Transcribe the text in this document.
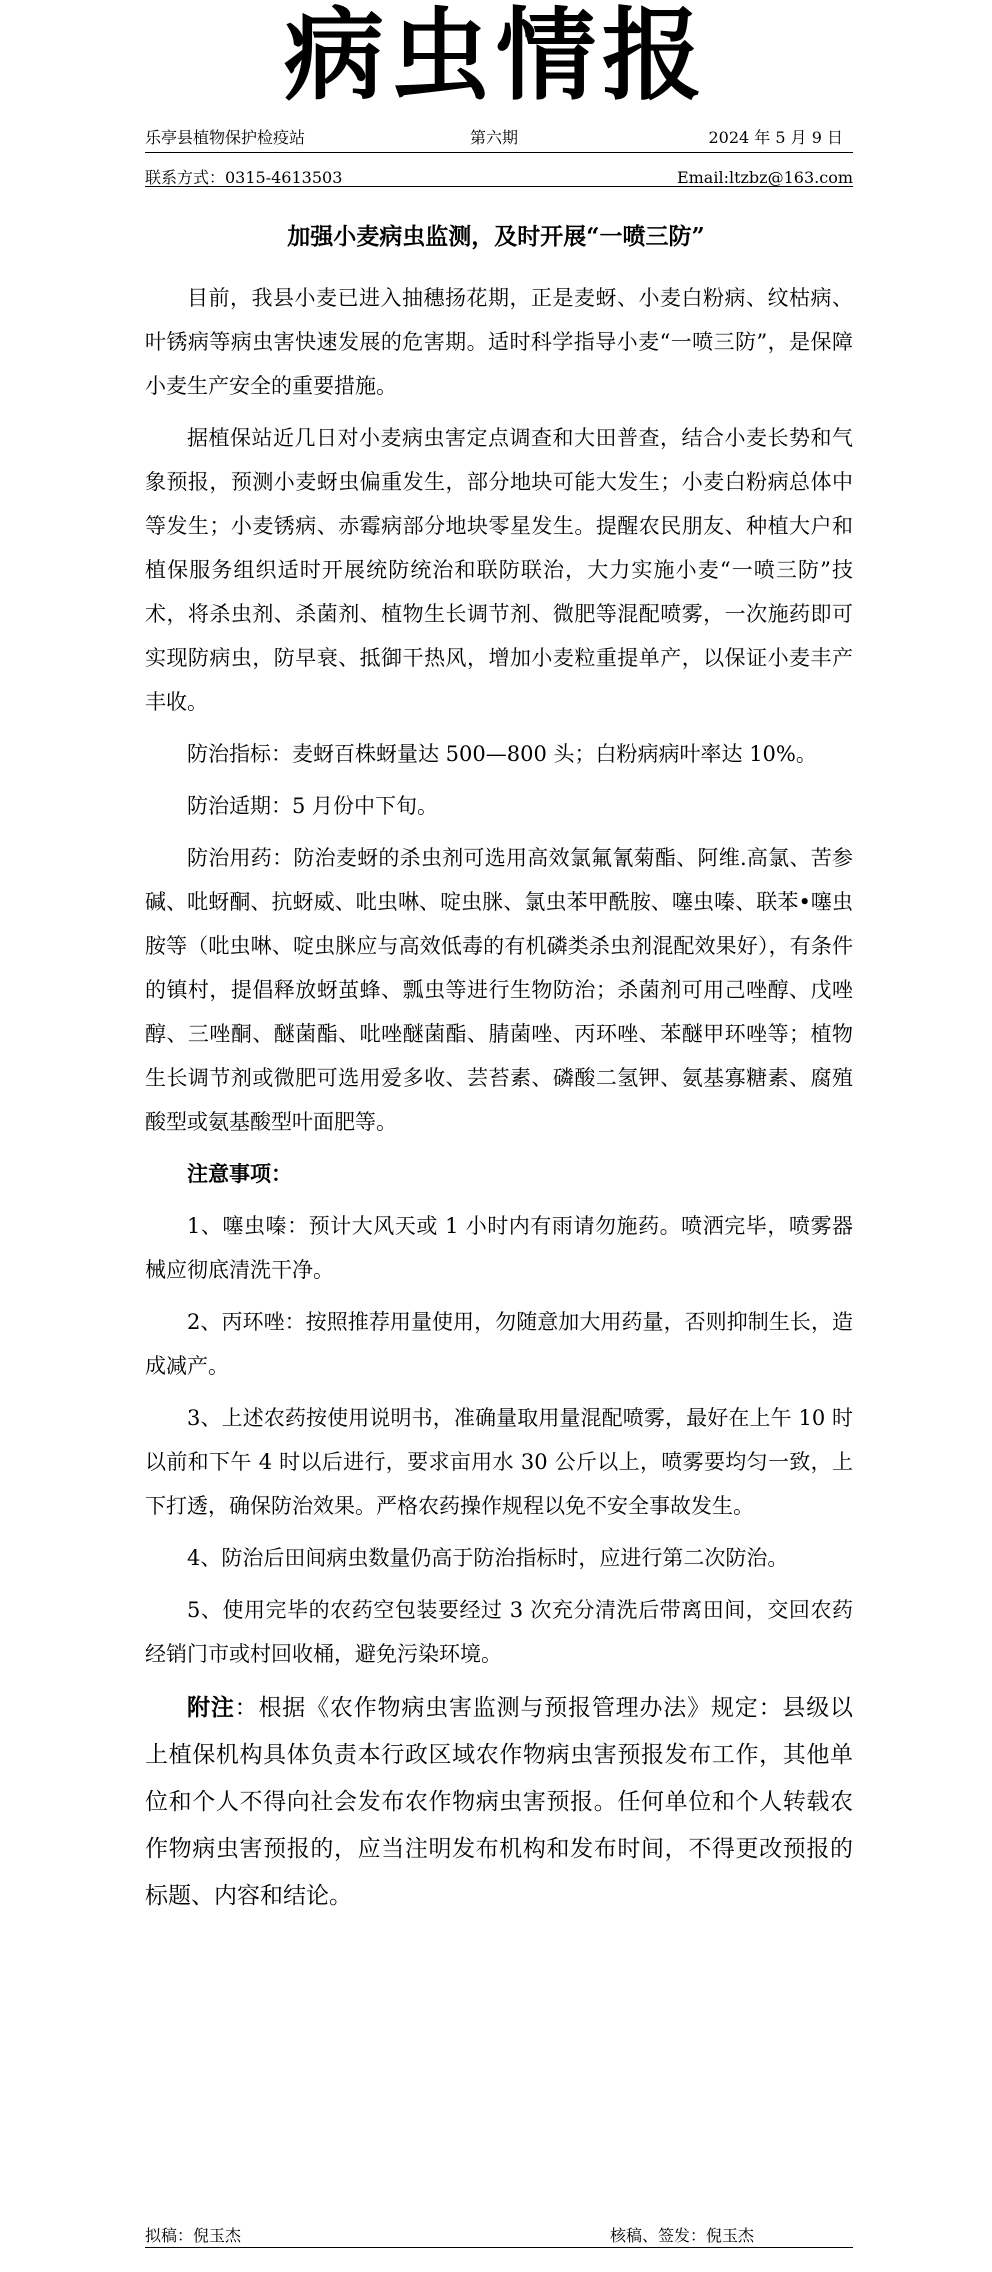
病虫情报
乐亭县植物保护检疫站	第六期	2024 年 5 月 9 日
联系方式：0315-4613503	Email:ltzbz@163.com
加强小麦病虫监测，及时开展“一喷三防”

目前，我县小麦已进入抽穗扬花期，正是麦蚜、小麦白粉病、纹枯病、叶锈病等病虫害快速发展的危害期。适时科学指导小麦“一喷三防”，是保障小麦生产安全的重要措施。

据植保站近几日对小麦病虫害定点调查和大田普查，结合小麦长势和气象预报，预测小麦蚜虫偏重发生，部分地块可能大发生；小麦白粉病总体中等发生；小麦锈病、赤霉病部分地块零星发生。提醒农民朋友、种植大户和植保服务组织适时开展统防统治和联防联治，大力实施小麦“一喷三防”技术，将杀虫剂、杀菌剂、植物生长调节剂、微肥等混配喷雾，一次施药即可实现防病虫，防早衰、抵御干热风，增加小麦粒重提单产，以保证小麦丰产丰收。

防治指标：麦蚜百株蚜量达 500—800 头；白粉病病叶率达 10%。

防治适期：5 月份中下旬。

防治用药：防治麦蚜的杀虫剂可选用高效氯氟氰菊酯、阿维.高氯、苦参碱、吡蚜酮、抗蚜威、吡虫啉、啶虫脒、氯虫苯甲酰胺、噻虫嗪、联苯•噻虫胺等（吡虫啉、啶虫脒应与高效低毒的有机磷类杀虫剂混配效果好），有条件的镇村，提倡释放蚜茧蜂、瓢虫等进行生物防治；杀菌剂可用己唑醇、戊唑醇、三唑酮、醚菌酯、吡唑醚菌酯、腈菌唑、丙环唑、苯醚甲环唑等；植物生长调节剂或微肥可选用爱多收、芸苔素、磷酸二氢钾、氨基寡糖素、腐殖酸型或氨基酸型叶面肥等。

注意事项：

1、噻虫嗪：预计大风天或 1 小时内有雨请勿施药。喷洒完毕，喷雾器械应彻底清洗干净。

2、丙环唑：按照推荐用量使用，勿随意加大用药量，否则抑制生长，造成减产。

3、上述农药按使用说明书，准确量取用量混配喷雾，最好在上午 10 时以前和下午 4 时以后进行，要求亩用水 30 公斤以上，喷雾要均匀一致，上下打透，确保防治效果。严格农药操作规程以免不安全事故发生。

4、防治后田间病虫数量仍高于防治指标时，应进行第二次防治。

5、使用完毕的农药空包装要经过 3 次充分清洗后带离田间，交回农药经销门市或村回收桶，避免污染环境。

附注：根据《农作物病虫害监测与预报管理办法》规定：县级以上植保机构具体负责本行政区域农作物病虫害预报发布工作，其他单位和个人不得向社会发布农作物病虫害预报。任何单位和个人转载农作物病虫害预报的，应当注明发布机构和发布时间，不得更改预报的标题、内容和结论。

拟稿：倪玉杰	核稿、签发：倪玉杰
